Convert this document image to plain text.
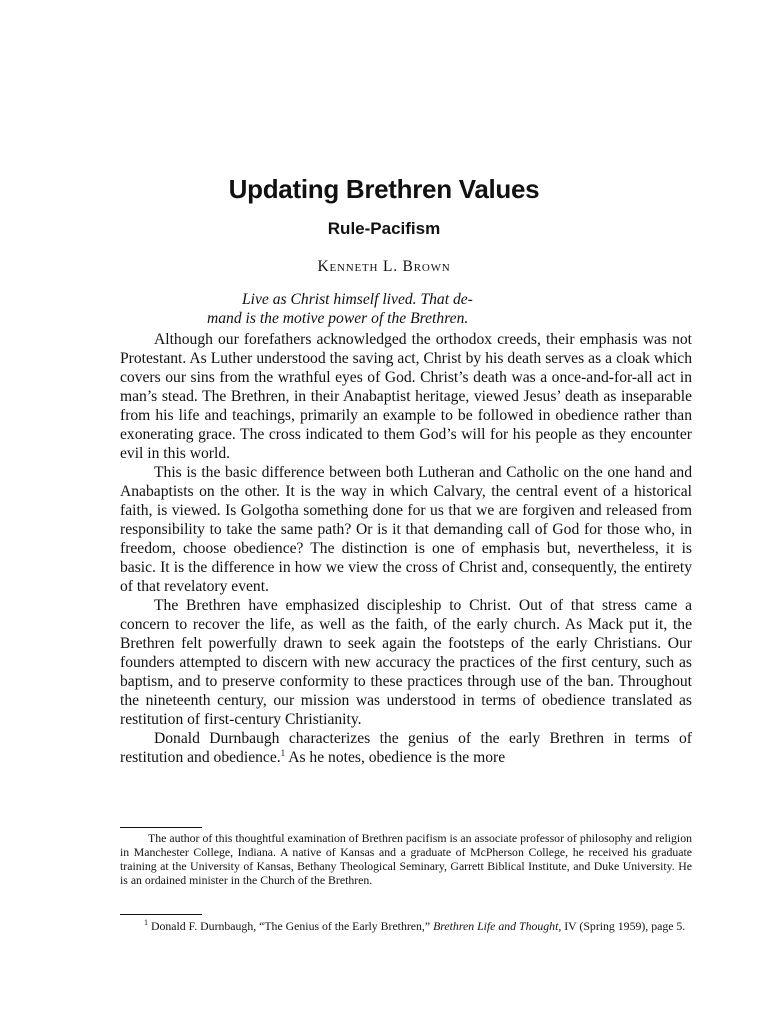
Updating Brethren Values
Rule-Pacifism
Kenneth L. Brown
Live as Christ himself lived. That de-
mand is the motive power of the Brethren.

Although our forefathers acknowledged the orthodox creeds, their emphasis was not Protestant. As Luther understood the saving act, Christ by his death serves as a cloak which covers our sins from the wrathful eyes of God. Christ’s death was a once-and-for-all act in man’s stead. The Brethren, in their Anabaptist heritage, viewed Jesus’ death as inseparable from his life and teachings, primarily an example to be followed in obedience rather than exonerating grace. The cross indicated to them God’s will for his people as they encounter evil in this world.

This is the basic difference between both Lutheran and Catholic on the one hand and Anabaptists on the other. It is the way in which Calvary, the central event of a historical faith, is viewed. Is Golgotha something done for us that we are forgiven and released from responsibility to take the same path? Or is it that demanding call of God for those who, in freedom, choose obedience? The distinction is one of emphasis but, nevertheless, it is basic. It is the difference in how we view the cross of Christ and, consequently, the entirety of that revelatory event.

The Brethren have emphasized discipleship to Christ. Out of that stress came a concern to recover the life, as well as the faith, of the early church. As Mack put it, the Brethren felt powerfully drawn to seek again the footsteps of the early Christians. Our founders attempted to discern with new accuracy the practices of the first century, such as baptism, and to preserve conformity to these practices through use of the ban. Throughout the nineteenth century, our mission was understood in terms of obedience translated as restitution of first-century Christianity.

Donald Durnbaugh characterizes the genius of the early Brethren in terms of restitution and obedience.$^1$ As he notes, obedience is the more

The author of this thoughtful examination of Brethren pacifism is an associate professor of philosophy and religion in Manchester College, Indiana. A native of Kansas and a graduate of McPherson College, he received his graduate training at the University of Kansas, Bethany Theological Seminary, Garrett Biblical Institute, and Duke University. He is an ordained minister in the Church of the Brethren.

$^1$ Donald F. Durnbaugh, “The Genius of the Early Brethren,” Brethren Life and Thought, IV (Spring 1959), page 5.
